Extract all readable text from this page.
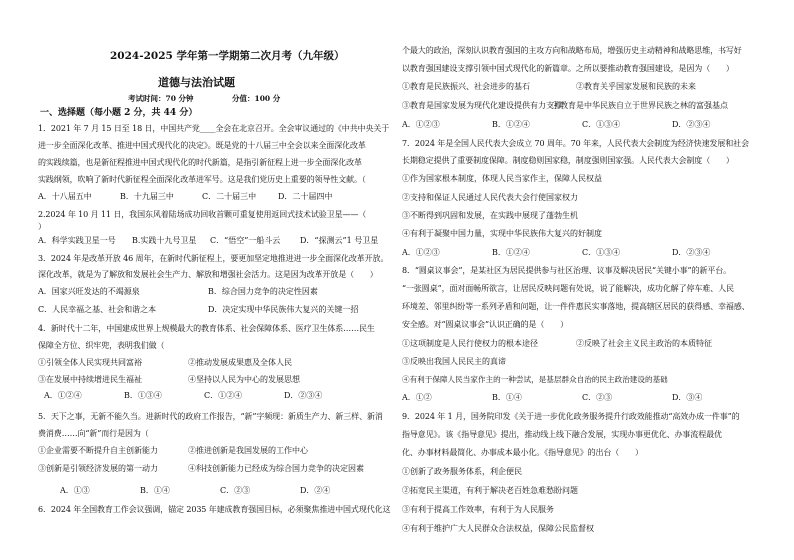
2024-2025 学年第一学期第二次月考（九年级）
道德与法治试题
考试时间：70 分钟	分值：100 分
一、选择题（每小题 2 分，共 44 分）
1．2021 年 7 月 15 日至 18 日，中国共产党____全会在北京召开。全会审议通过的《中共中央关于
进一步全面深化改革、推进中国式现代化的决定》。既是党的十八届三中全会以来全面深化改革
的实践续篇，也是新征程推进中国式现代化的时代新篇，是指引新征程上进一步全面深化改革
实践纲领，吹响了新时代新征程全面深化改革进军号。这是我们党历史上重要的领导性文献。（
A．十八届五中	B．十九届三中	C．二十届三中	D．二十届四中
2.2024 年 10 月 11 日，我国东风着陆场成功回收首颗可重复使用返回式技术试验卫星——（
）
A．科学实践卫星一号 B.实践十九号卫星 C．“悟空”一船斗云 D．“探测云”1 号卫星
3．2024 年是改革开放 46 周年，在新时代新征程上，要更加坚定地推进进一步全面深化改革开放。
深化改革，就是为了解放和发展社会生产力、解放和增强社会活力。这是因为改革开放是（　　）
A．国家兴旺发达的不竭源泉	B．综合国力竞争的决定性因素
C．人民幸福之基、社会和谐之本	D．决定实现中华民族伟大复兴的关键一招
4．新时代十二年，中国建成世界上规模最大的教育体系、社会保障体系、医疗卫生体系……民生
保障全方位、织牢兜，表明我们做（
①引领全体人民实现共同富裕	②推动发展成果惠及全体人民
③在发展中持续增进民生福祉	④坚持以人民为中心的发展思想
A．①②④	B．①③④	C．①②④	D．②③④
5．天下之事，无新不能久当。进新时代的政府工作报告，“新”字频现：新质生产力、新三样、新消
费消费……向“新”而行是因为（
①企业需要不断提升自主创新能力	②推进创新是我国发展的工作中心
③创新是引领经济发展的第一动力	④科技创新能力已经成为综合国力竞争的决定因素
A．①③	B．①④	C．②③	D．②④
6．2024 年全国教育工作会议强调，锚定 2035 年建成教育强国目标，必须聚焦推进中国式现代化这
个最大的政治，深刻认识教育强国的主攻方向和战略布局，增强历史主动精神和战略思维，书写好
以教育强国建设支撑引领中国式现代化的新篇章。之所以要推动教育强国建设，是因为（　　）
①教育是民族振兴、社会进步的基石	②教育关乎国家发展和民族的未来
③教育是国家发展为现代化建设提供有力支撑
④教育是中华民族自立于世界民族之林的富强基点
A．①②③	B．①②④	C．①③④	D．②③④
7．2024 年是全国人民代表大会成立 70 周年。70 年来，人民代表大会制度为经济快速发展和社会
长期稳定提供了重要制度保障。制度稳则国家稳，制度强则国家强。人民代表大会制度（　　）
①作为国家根本制度，体现人民当家作主，保障人民权益
②支持和保证人民通过人民代表大会行使国家权力
③不断得到巩固和发展，在实践中展现了蓬勃生机
④有利于凝聚中国力量，实现中华民族伟大复兴的好制度
A．①②③	B．①②④	C．①③④	D．②③④
8．“圆桌议事会”，是某社区为居民提供参与社区治理、议事及解决居民“关键小事”的新平台。
“一张圆桌”，面对面畅所欲言，让居民反映问题有处说，说了能解决，成功化解了停车难、人民
环境差、邻里纠纷等一系列矛盾和问题，让一件件惠民实事落地，提高辖区居民的获得感、幸福感、
安全感。对“圆桌议事会”认识正确的是（　　）
①这项制度是人民行使权力的根本途径	②反映了社会主义民主政治的本质特征
③反映出我国人民民主的真谛
④有利于保障人民当家作主的一种尝试，是基层群众自治的民主政治建设的基础
A．①②	B．①④	C．②③	D．③④
9．2024 年 1 月，国务院印发《关于进一步优化政务服务提升行政效能推动“高效办成一件事”的
指导意见》。该《指导意见》提出，推动线上线下融合发展，实现办事更优化、办事流程最优
化、办事材料最简化、办事成本最小化。《指导意见》的出台（　　）
①创新了政务服务体系，利企便民
②拓宽民主渠道，有利于解决老百姓急难愁盼问题
③有利于提高工作效率，有利于为人民服务
④有利于维护广大人民群众合法权益，保障公民监督权
